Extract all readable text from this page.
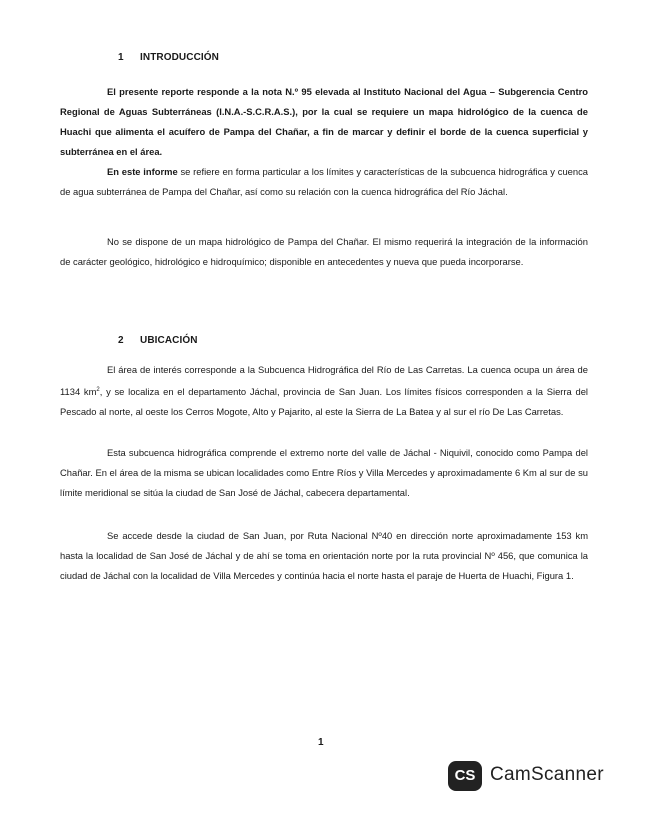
1 INTRODUCCIÓN

El presente reporte responde a la nota N.º 95 elevada al Instituto Nacional del Agua – Subgerencia Centro Regional de Aguas Subterráneas (I.N.A.-S.C.R.A.S.), por la cual se requiere un mapa hidrológico de la cuenca de Huachi que alimenta el acuífero de Pampa del Chañar, a fin de marcar y definir el borde de la cuenca superficial y subterránea en el área.

En este informe se refiere en forma particular a los límites y características de la subcuenca hidrográfica y cuenca de agua subterránea de Pampa del Chañar, así como su relación con la cuenca hidrográfica del Río Jáchal.

No se dispone de un mapa hidrológico de Pampa del Chañar. El mismo requerirá la integración de la información de carácter geológico, hidrológico e hidroquímico; disponible en antecedentes y nueva que pueda incorporarse.

2 UBICACIÓN

El área de interés corresponde a la Subcuenca Hidrográfica del Río de Las Carretas. La cuenca ocupa un área de 1134 $km^2$, y se localiza en el departamento Jáchal, provincia de San Juan. Los límites físicos corresponden a la Sierra del Pescado al norte, al oeste los Cerros Mogote, Alto y Pajarito, al este la Sierra de La Batea y al sur el río De Las Carretas.

Esta subcuenca hidrográfica comprende el extremo norte del valle de Jáchal - Niquivil, conocido como Pampa del Chañar. En el área de la misma se ubican localidades como Entre Ríos y Villa Mercedes y aproximadamente 6 Km al sur de su límite meridional se sitúa la ciudad de San José de Jáchal, cabecera departamental.

Se accede desde la ciudad de San Juan, por Ruta Nacional Nº40 en dirección norte aproximadamente 153 km hasta la localidad de San José de Jáchal y de ahí se toma en orientación norte por la ruta provincial Nº 456, que comunica la ciudad de Jáchal con la localidad de Villa Mercedes y continúa hacia el norte hasta el paraje de Huerta de Huachi, Figura 1.

1
CS CamScanner
